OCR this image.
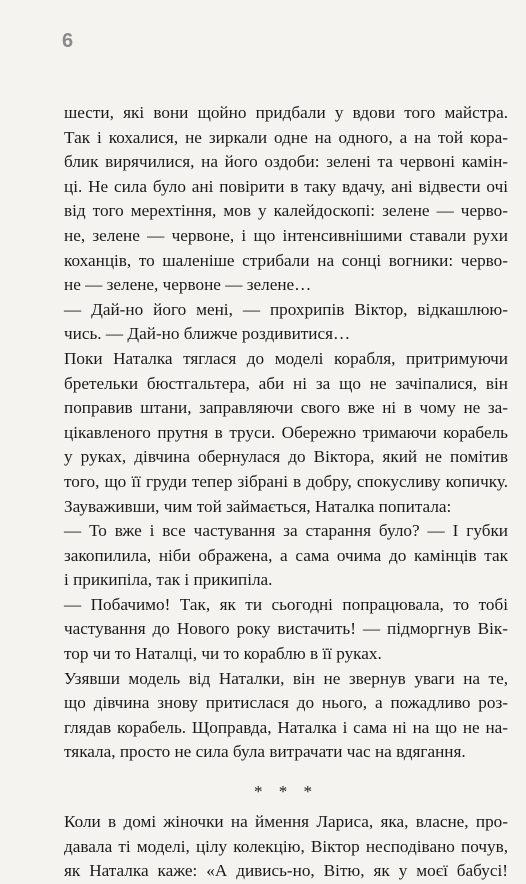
6
шести, які вони щойно придбали у вдови того майстра.
Так і кохалися, не зиркали одне на одного, а на той кора-
блик вирячилися, на його оздоби: зелені та червоні камін-
ці. Не сила було ані повірити в таку вдачу, ані відвести очі
від того мерехтіння, мов у калейдоскопі: зелене — черво-
не, зелене — червоне, і що інтенсивнішими ставали рухи
коханців, то шаленіше стрибали на сонці вогники: черво-
не — зелене, червоне — зелене…
— Дай-но його мені, — прохрипів Віктор, відкашлюю-
чись. — Дай-но ближче роздивитися…
Поки Наталка тяглася до моделі корабля, притримуючи
бретельки бюстгальтера, аби ні за що не зачіпалися, він
поправив штани, заправляючи свого вже ні в чому не за-
цікавленого прутня в труси. Обережно тримаючи корабель
у руках, дівчина обернулася до Віктора, який не помітив
того, що її груди тепер зібрані в добру, спокусливу копичку.
Зауваживши, чим той займається, Наталка попитала:
— То вже і все частування за старання було? — І губки
закопилила, ніби ображена, а сама очима до камінців так
і прикипіла, так і прикипіла.
— Побачимо! Так, як ти сьогодні попрацювала, то тобі
частування до Нового року вистачить! — підморгнув Вік-
тор чи то Наталці, чи то кораблю в її руках.
Узявши модель від Наталки, він не звернув уваги на те,
що дівчина знову притислася до нього, а пожадливо роз-
глядав корабель. Щоправда, Наталка і сама ні на що не на-
тякала, просто не сила була витрачати час на вдягання.
* * *
Коли в домі жіночки на ймення Лариса, яка, власне, про-
давала ті моделі, цілу колекцію, Віктор несподівано почув,
як Наталка каже: «А дивись-но, Вітю, як у моєї бабусі!
